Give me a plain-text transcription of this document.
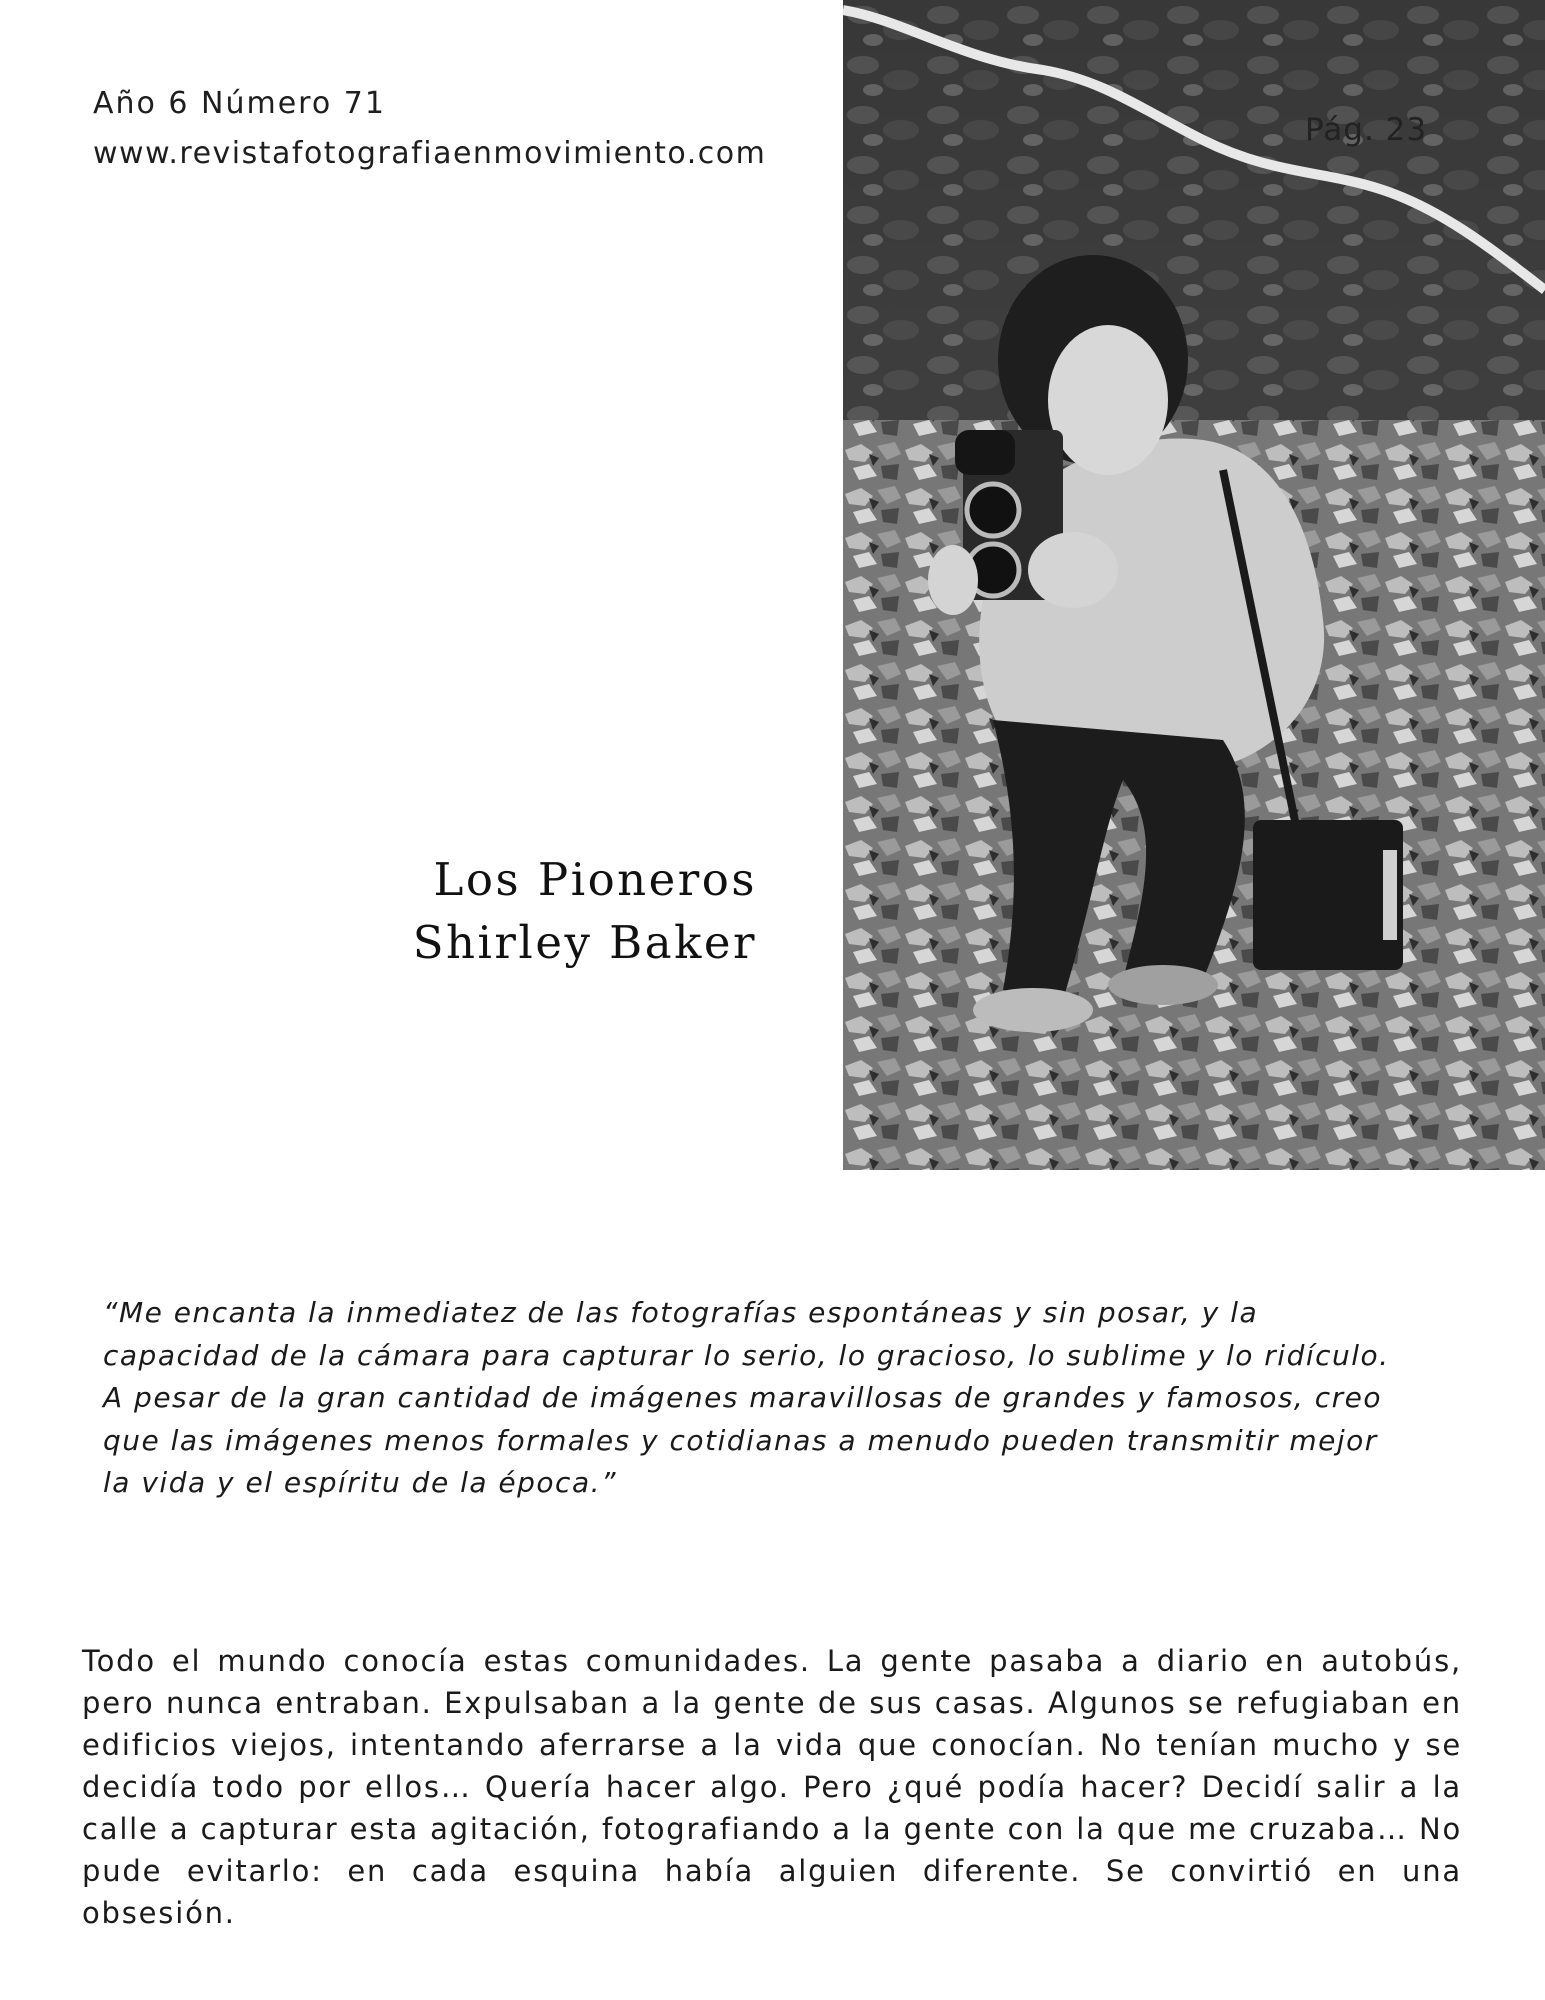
Año 6 Número 71
www.revistafotografiaenmovimiento.com
Pág. 23
Los Pioneros
Shirley Baker

“Me encanta la inmediatez de las fotografías espontáneas y sin posar, y la capacidad de la cámara para capturar lo serio, lo gracioso, lo sublime y lo ridículo. A pesar de la gran cantidad de imágenes maravillosas de grandes y famosos, creo que las imágenes menos formales y cotidianas a menudo pueden transmitir mejor la vida y el espíritu de la época.”

Todo el mundo conocía estas comunidades. La gente pasaba a diario en autobús, pero nunca entraban. Expulsaban a la gente de sus casas. Algunos se refugiaban en edificios viejos, intentando aferrarse a la vida que conocían. No tenían mucho y se decidía todo por ellos… Quería hacer algo. Pero ¿qué podía hacer? Decidí salir a la calle a capturar esta agitación, fotografiando a la gente con la que me cruzaba… No pude evitarlo: en cada esquina había alguien diferente. Se convirtió en una obsesión.
